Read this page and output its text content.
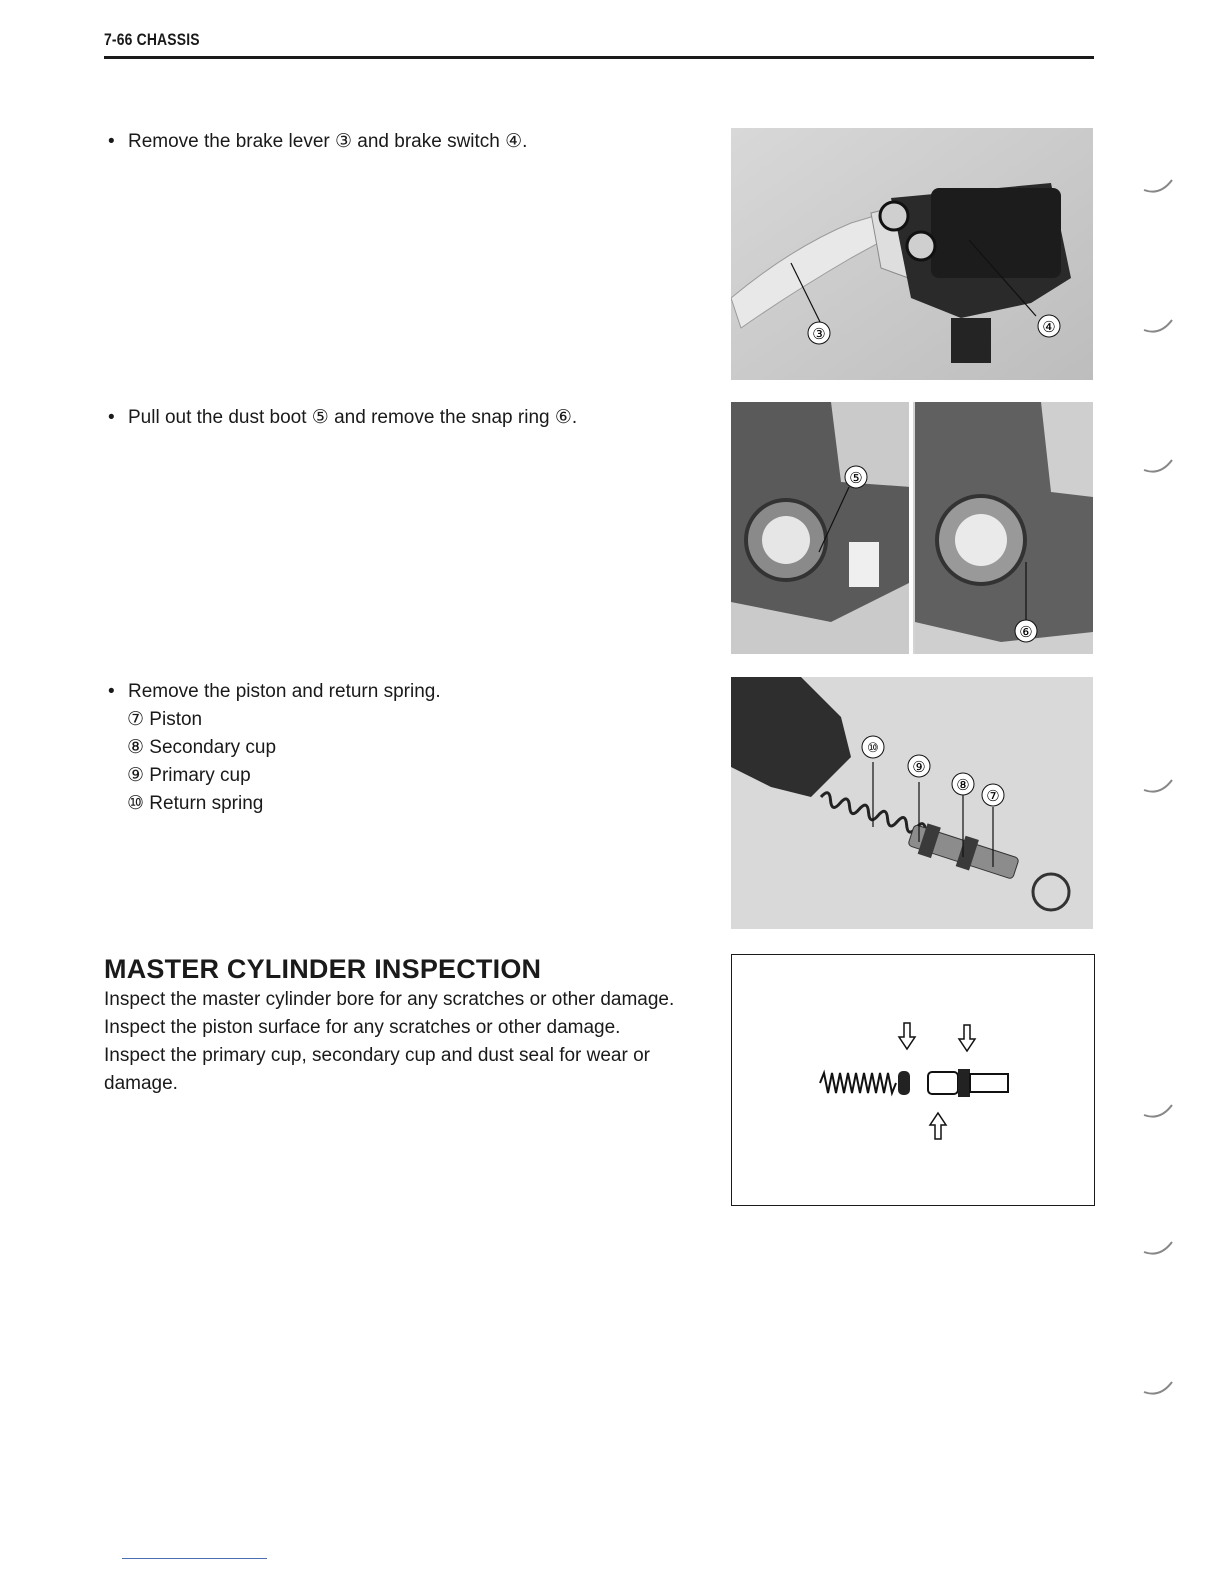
7-66 CHASSIS
• Remove the brake lever ③ and brake switch ④.
③	④
• Pull out the dust boot ⑤ and remove the snap ring ⑥.
⑤
⑥
• Remove the piston and return spring.
⑦ Piston
⑧ Secondary cup
⑨ Primary cup
⑩ Return spring
⑩
⑨
⑧
⑦
MASTER CYLINDER INSPECTION

Inspect the master cylinder bore for any scratches or other damage.

Inspect the piston surface for any scratches or other damage.

Inspect the primary cup, secondary cup and dust seal for wear or damage.
